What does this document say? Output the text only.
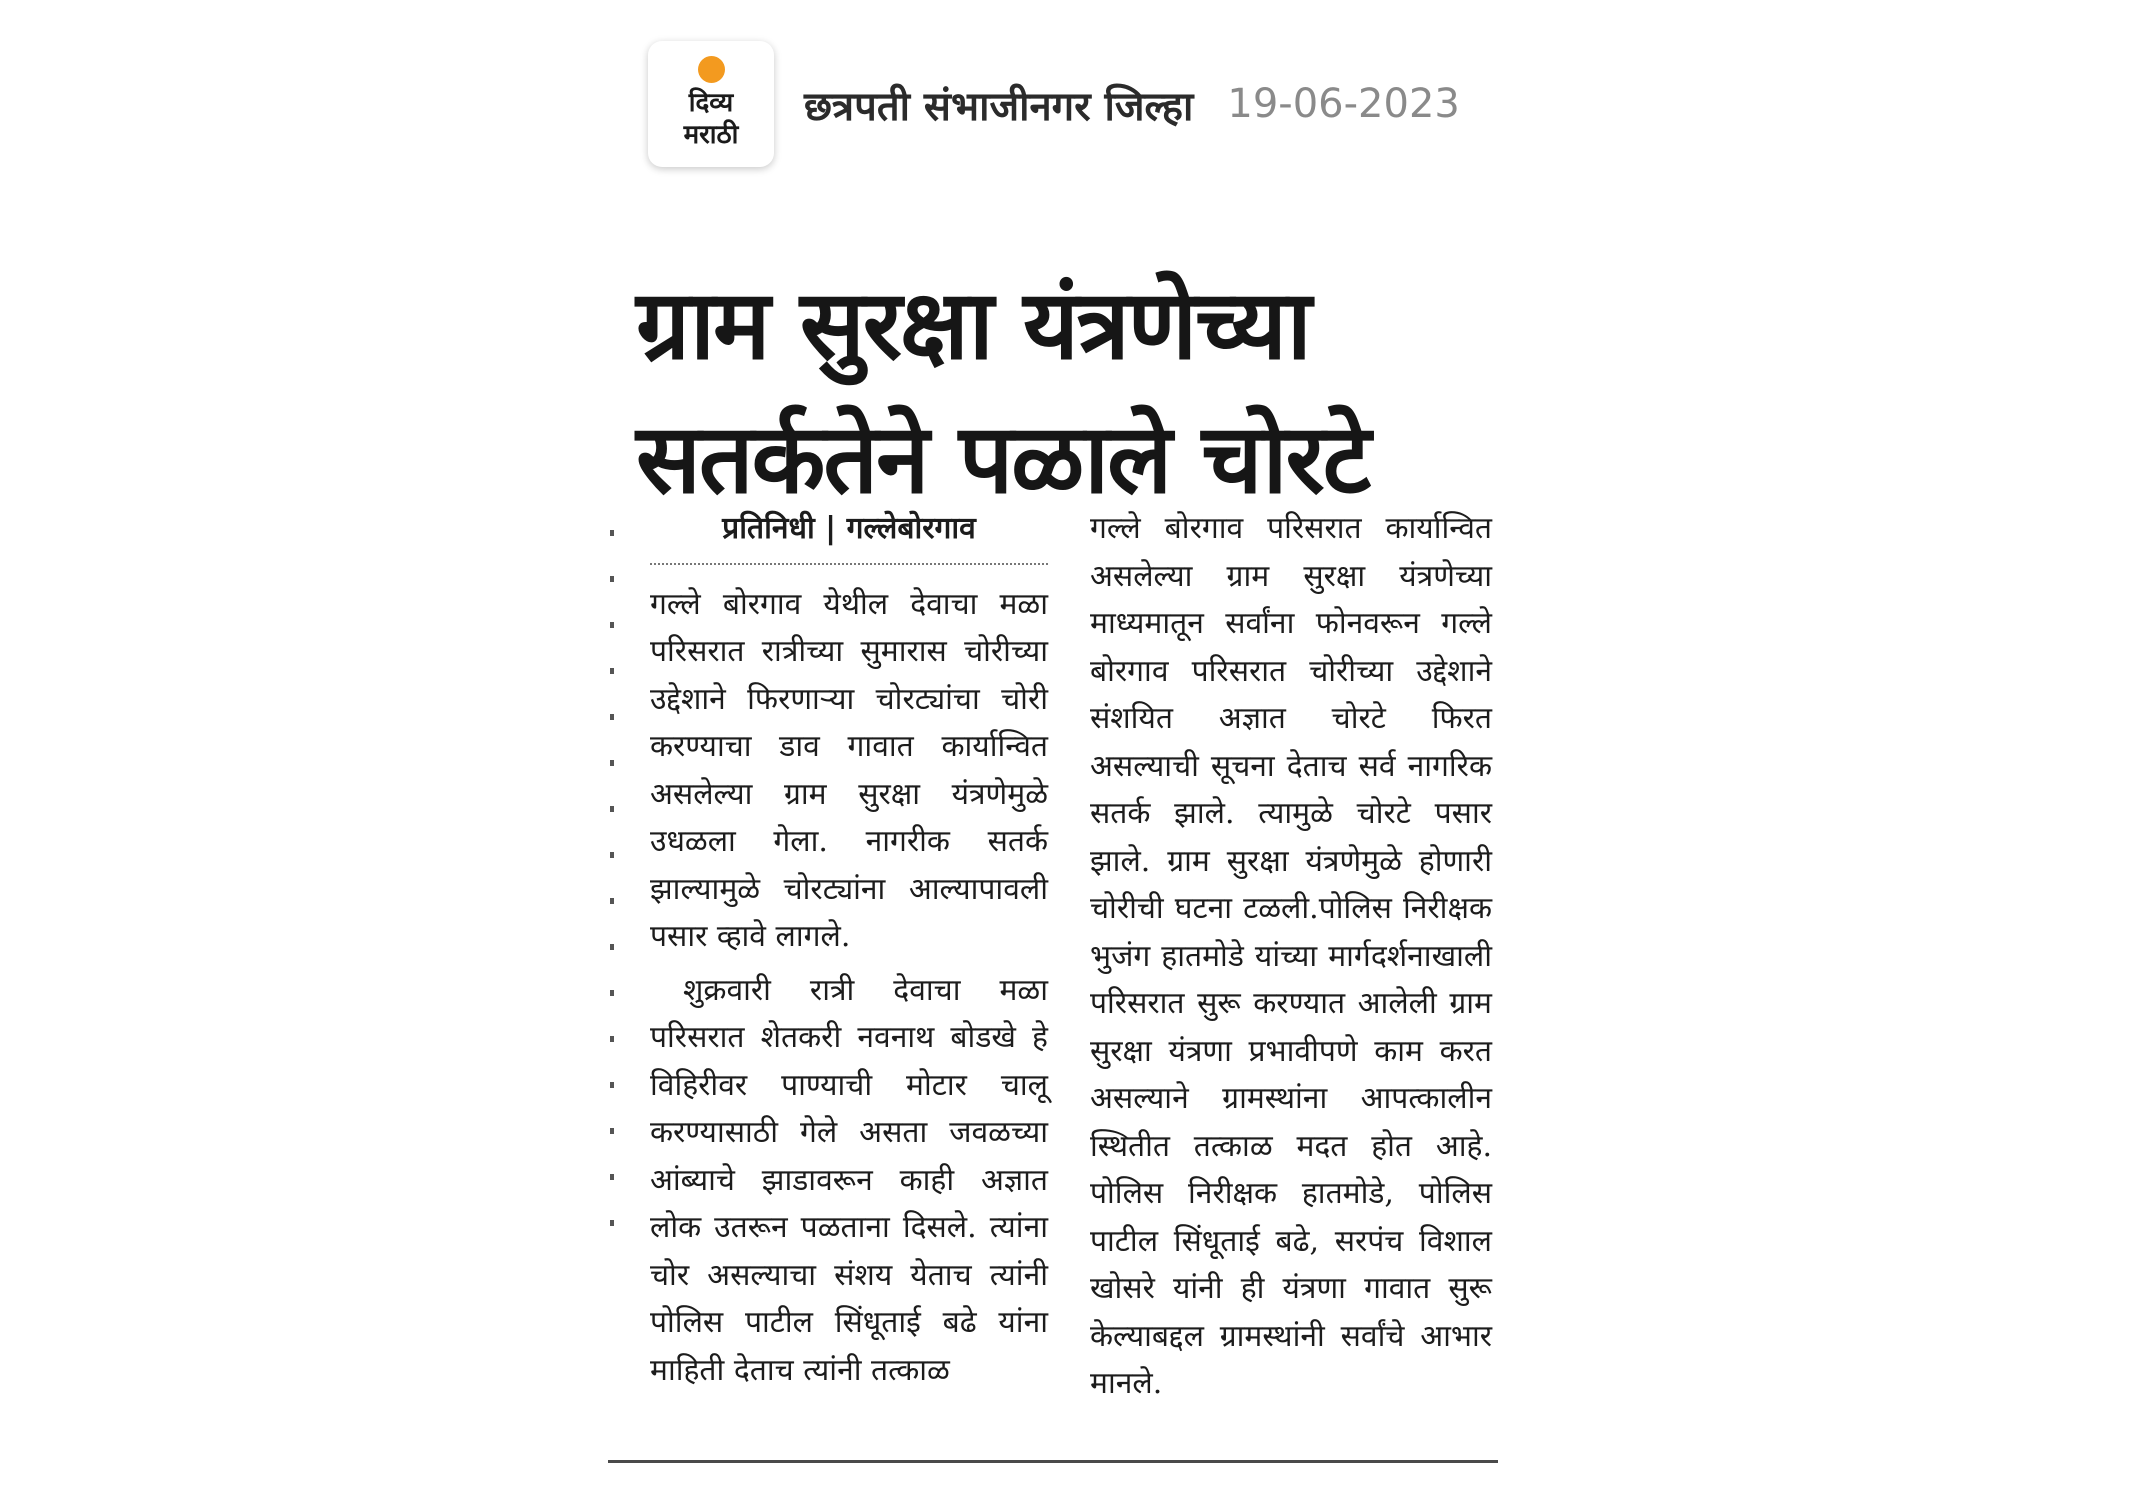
दिव्य
मराठी
छत्रपती संभाजीनगर जिल्हा 19-06-2023
ग्राम सुरक्षा यंत्रणेच्या सतर्कतेने पळाले चोरटे
प्रतिनिधी | गल्लेबोरगाव

गल्ले बोरगाव येथील देवाचा मळा परिसरात रात्रीच्या सुमारास चोरीच्या उद्देशाने फिरणाऱ्या चोरट्यांचा चोरी करण्याचा डाव गावात कार्यान्वित असलेल्या ग्राम सुरक्षा यंत्रणेमुळे उधळला गेला. नागरीक सतर्क झाल्यामुळे चोरट्यांना आल्यापावली पसार व्हावे लागले.

शुक्रवारी रात्री देवाचा मळा परिसरात शेतकरी नवनाथ बोडखे हे विहिरीवर पाण्याची मोटार चालू करण्यासाठी गेले असता जवळच्या आंब्याचे झाडावरून काही अज्ञात लोक उतरून पळताना दिसले. त्यांना चोर असल्याचा संशय येताच त्यांनी पोलिस पाटील सिंधूताई बढे यांना माहिती देताच त्यांनी तत्काळ

गल्ले बोरगाव परिसरात कार्यान्वित असलेल्या ग्राम सुरक्षा यंत्रणेच्या माध्यमातून सर्वांना फोनवरून गल्ले बोरगाव परिसरात चोरीच्या उद्देशाने संशयित अज्ञात चोरटे फिरत असल्याची सूचना देताच सर्व नागरिक सतर्क झाले. त्यामुळे चोरटे पसार झाले. ग्राम सुरक्षा यंत्रणेमुळे होणारी चोरीची घटना टळली.पोलिस निरीक्षक भुजंग हातमोडे यांच्या मार्गदर्शनाखाली परिसरात सुरू करण्यात आलेली ग्राम सुरक्षा यंत्रणा प्रभावीपणे काम करत असल्याने ग्रामस्थांना आपत्कालीन स्थितीत तत्काळ मदत होत आहे. पोलिस निरीक्षक हातमोडे, पोलिस पाटील सिंधूताई बढे, सरपंच विशाल खोसरे यांनी ही यंत्रणा गावात सुरू केल्याबद्दल ग्रामस्थांनी सर्वांचे आभार मानले.
